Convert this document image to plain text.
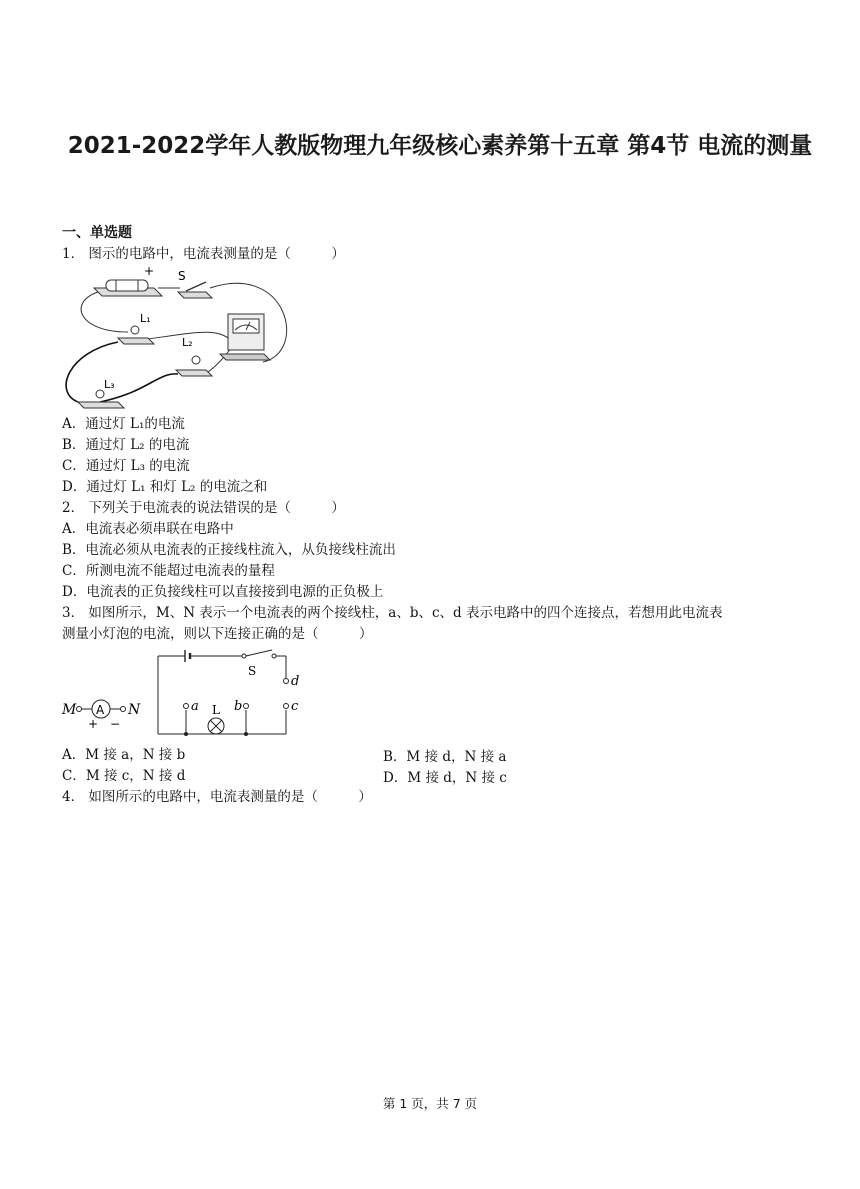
2021-2022学年人教版物理九年级核心素养第十五章 第4节 电流的测量
一、单选题
1． 图示的电路中，电流表测量的是（　　　）
+ S
L₁
L₂
L₃
A．通过灯 L₁的电流
B．通过灯 L₂ 的电流
C．通过灯 L₃ 的电流
D．通过灯 L₁ 和灯 L₂ 的电流之和
2． 下列关于电流表的说法错误的是（　　　）
A．电流表必须串联在电路中
B．电流必须从电流表的正接线柱流入，从负接线柱流出
C．所测电流不能超过电流表的量程
D．电流表的正负接线柱可以直接接到电源的正负极上
3． 如图所示，M、N 表示一个电流表的两个接线柱，a、b、c、d 表示电路中的四个连接点，若想用此电流表
测量小灯泡的电流，则以下连接正确的是（　　　）
S
d
c
a	b
L
M A N
+ −
A．M 接 a，N 接 b	B．M 接 d，N 接 a
C．M 接 c，N 接 d	D．M 接 d，N 接 c
4． 如图所示的电路中，电流表测量的是（　　　）
第 1 页，共 7 页
